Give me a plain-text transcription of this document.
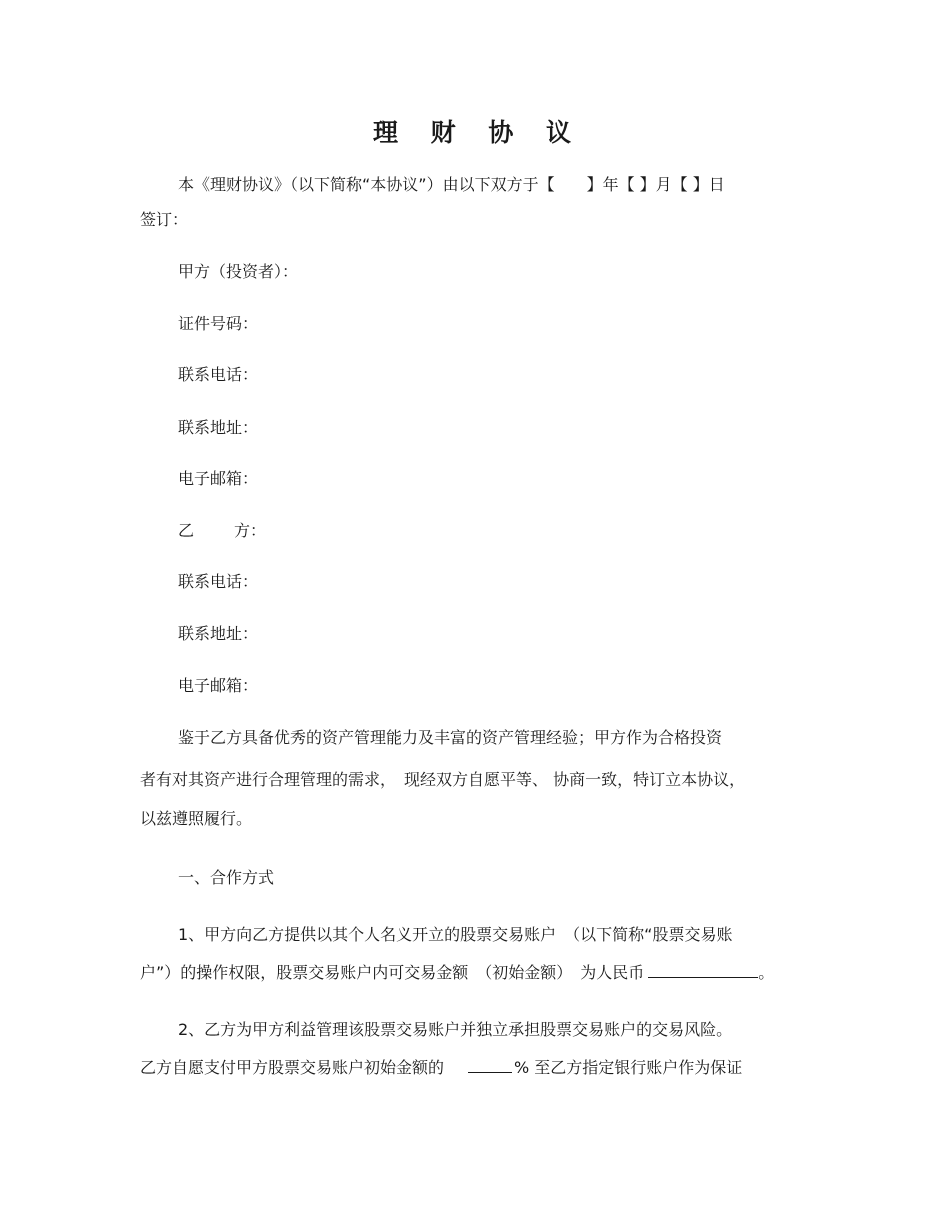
理 财 协 议
本《理财协议》（以下简称“本协议”）由以下双方于【　　】年【 】月【 】日
签订：
甲方（投资者）：
证件号码：
联系电话：
联系地址：
电子邮箱：
乙	方：
联系电话：
联系地址：
电子邮箱：
鉴于乙方具备优秀的资产管理能力及丰富的资产管理经验；甲方作为合格投资
者有对其资产进行合理管理的需求，　现经双方自愿平等、 协商一致，特订立本协议，
以兹遵照履行。
一、合作方式
1、甲方向乙方提供以其个人名义开立的股票交易账户　（以下简称“股票交易账
户”）的操作权限，股票交易账户内可交易金额　（初始金额）　为人民币	。
2、乙方为甲方利益管理该股票交易账户并独立承担股票交易账户的交易风险。
乙方自愿支付甲方股票交易账户初始金额的	% 至乙方指定银行账户作为保证
